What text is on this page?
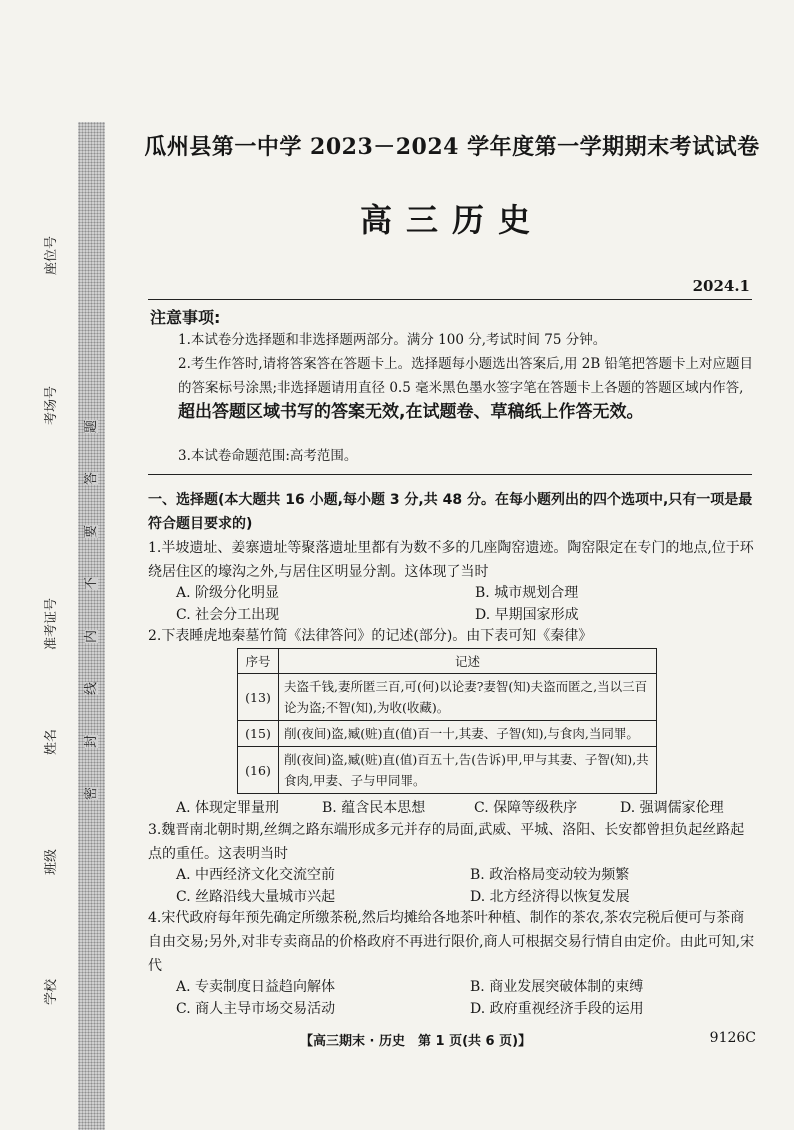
题
答
要
不
内
线
封
密
座位号
考场号
准考证号
姓名
班级
学校
瓜州县第一中学 2023－2024 学年度第一学期期末考试试卷
高三历史
2024.1
注意事项:
1.本试卷分选择题和非选择题两部分。满分 100 分,考试时间 75 分钟。
2.考生作答时,请将答案答在答题卡上。选择题每小题选出答案后,用 2B 铅笔把答题卡上对应题目的答案标号涂黑;非选择题请用直径 0.5 毫米黑色墨水签字笔在答题卡上各题的答题区域内作答,超出答题区域书写的答案无效,在试题卷、草稿纸上作答无效。
3.本试卷命题范围:高考范围。
一、选择题(本大题共 16 小题,每小题 3 分,共 48 分。在每小题列出的四个选项中,只有一项是最符合题目要求的)
1.半坡遗址、姜寨遗址等聚落遗址里都有为数不多的几座陶窑遗迹。陶窑限定在专门的地点,位于环绕居住区的壕沟之外,与居住区明显分割。这体现了当时
A. 阶级分化明显	B. 城市规划合理
C. 社会分工出现	D. 早期国家形成
2.下表睡虎地秦墓竹简《法律答问》的记述(部分)。由下表可知《秦律》
序号	记述
(13)	夫盗千钱,妻所匿三百,可(何)以论妻?妻智(知)夫盗而匿之,当以三百论为盗;不智(知),为收(收藏)。
(15)	削(夜间)盗,臧(赃)直(值)百一十,其妻、子智(知),与食肉,当同罪。
(16)	削(夜间)盗,臧(赃)直(值)百五十,告(告诉)甲,甲与其妻、子智(知),共食肉,甲妻、子与甲同罪。
A. 体现定罪量刑	B. 蕴含民本思想	C. 保障等级秩序	D. 强调儒家伦理
3.魏晋南北朝时期,丝绸之路东端形成多元并存的局面,武威、平城、洛阳、长安都曾担负起丝路起点的重任。这表明当时
A. 中西经济文化交流空前	B. 政治格局变动较为频繁
C. 丝路沿线大量城市兴起	D. 北方经济得以恢复发展
4.宋代政府每年预先确定所缴茶税,然后均摊给各地茶叶种植、制作的茶农,茶农完税后便可与茶商自由交易;另外,对非专卖商品的价格政府不再进行限价,商人可根据交易行情自由定价。由此可知,宋代
A. 专卖制度日益趋向解体	B. 商业发展突破体制的束缚
C. 商人主导市场交易活动	D. 政府重视经济手段的运用
【高三期末 · 历史　第 1 页(共 6 页)】	9126C
